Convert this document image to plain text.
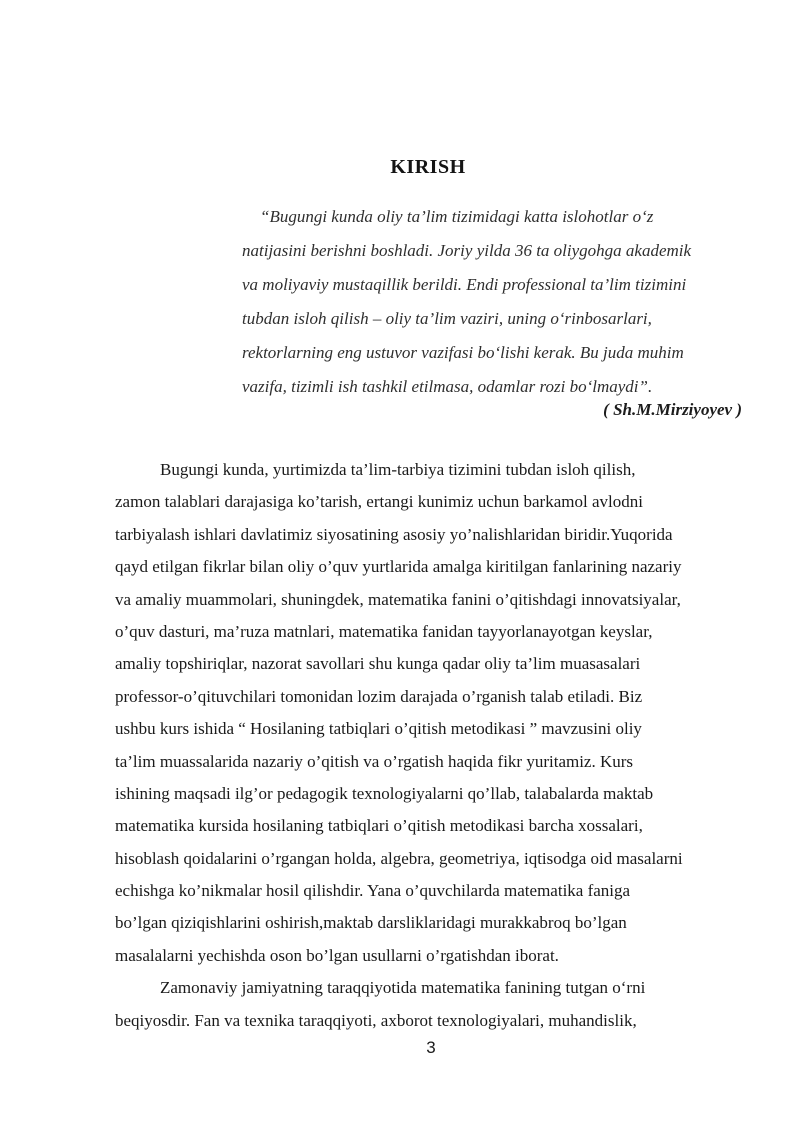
KIRISH
“Bugungi kunda oliy ta’lim tizimidagi katta islohotlar o‘z
natijasini berishni boshladi. Joriy yilda 36 ta oliygohga akademik
va moliyaviy mustaqillik berildi. Endi professional ta’lim tizimini
tubdan isloh qilish – oliy ta’lim vaziri, uning o‘rinbosarlari,
rektorlarning eng ustuvor vazifasi bo‘lishi kerak. Bu juda muhim
vazifa, tizimli ish tashkil etilmasa, odamlar rozi bo‘lmaydi”.
( Sh.M.Mirziyoyev )
Bugungi kunda, yurtimizda ta’lim-tarbiya tizimini tubdan isloh qilish,
zamon talablari darajasiga ko’tarish, ertangi kunimiz uchun barkamol avlodni
tarbiyalash ishlari davlatimiz siyosatining asosiy yo’nalishlaridan biridir.Yuqorida
qayd etilgan fikrlar bilan oliy o’quv yurtlarida amalga kiritilgan fanlarining nazariy
va amaliy muammolari, shuningdek, matematika fanini o’qitishdagi innovatsiyalar,
o’quv dasturi, ma’ruza matnlari, matematika fanidan tayyorlanayotgan keyslar,
amaliy topshiriqlar, nazorat savollari shu kunga qadar oliy ta’lim muasasalari
professor-o’qituvchilari tomonidan lozim darajada o’rganish talab etiladi. Biz
ushbu kurs ishida “ Hosilaning tatbiqlari o’qitish metodikasi ” mavzusini oliy
ta’lim muassalarida nazariy o’qitish va o’rgatish haqida fikr yuritamiz. Kurs
ishining maqsadi ilg’or pedagogik texnologiyalarni qo’llab, talabalarda maktab
matematika kursida hosilaning tatbiqlari o’qitish metodikasi barcha xossalari,
hisoblash qoidalarini o’rgangan holda, algebra, geometriya, iqtisodga oid masalarni
echishga ko’nikmalar hosil qilishdir. Yana o’quvchilarda matematika faniga
bo’lgan qiziqishlarini oshirish,maktab darsliklaridagi murakkabroq bo’lgan
masalalarni yechishda oson bo’lgan usullarni o’rgatishdan iborat.
Zamonaviy jamiyatning taraqqiyotida matematika fanining tutgan o‘rni
beqiyosdir. Fan va texnika taraqqiyoti, axborot texnologiyalari, muhandislik,
3
